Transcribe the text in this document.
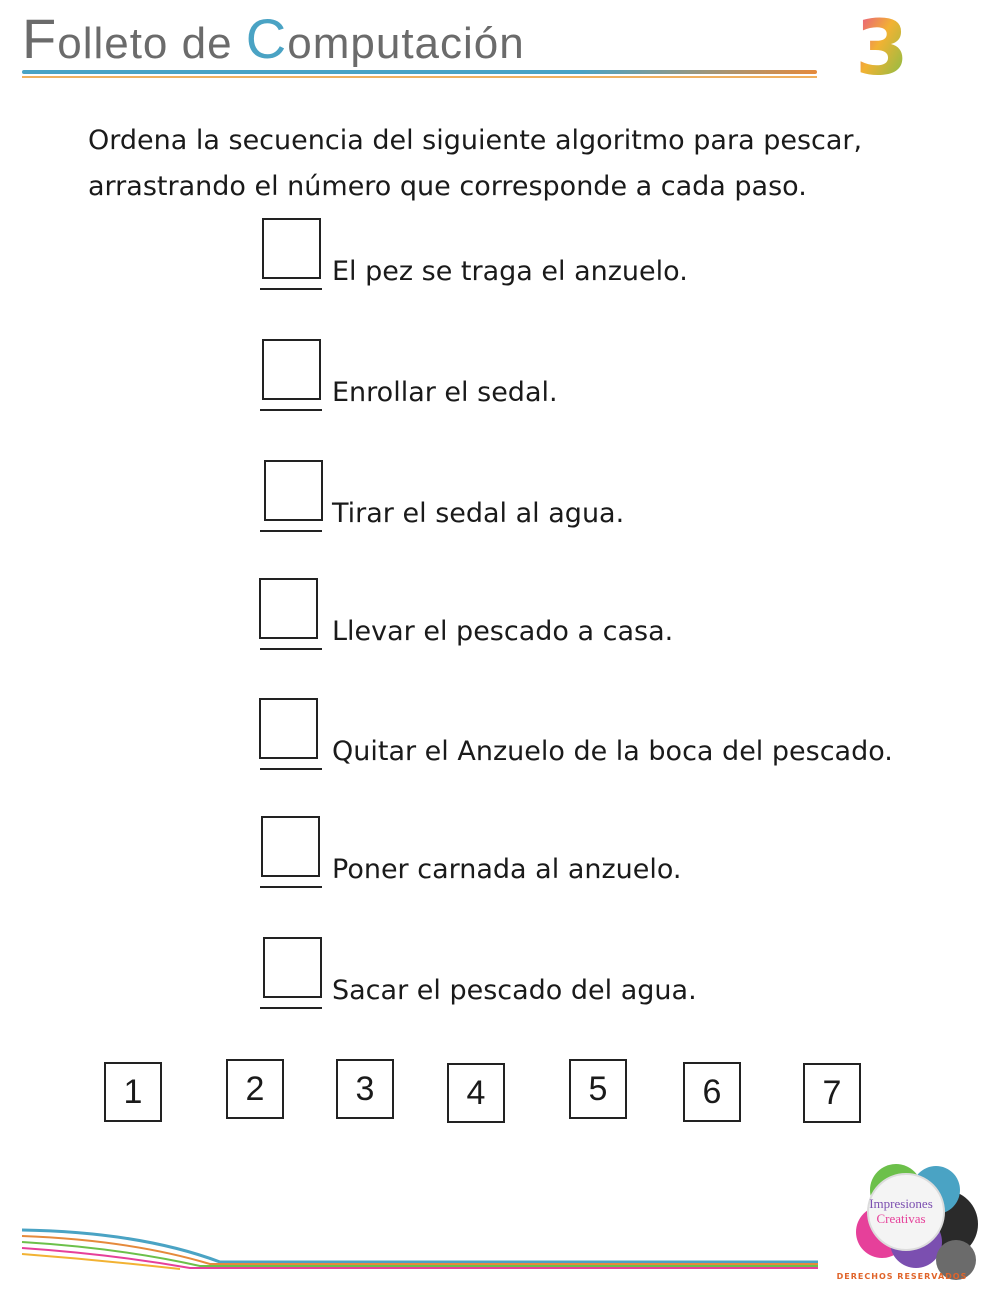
Folleto de Computación	3
Ordena la secuencia del siguiente algoritmo para pescar, arrastrando el número que corresponde a cada paso.
El pez se traga el anzuelo.
Enrollar el sedal.
Tirar el sedal al agua.
Llevar el pescado a casa.
Quitar el Anzuelo de la boca del pescado.
Poner carnada al anzuelo.
Sacar el pescado del agua.
1	2	3	4	5	6	7
Impresiones
Creativas
DERECHOS RESERVADOS
